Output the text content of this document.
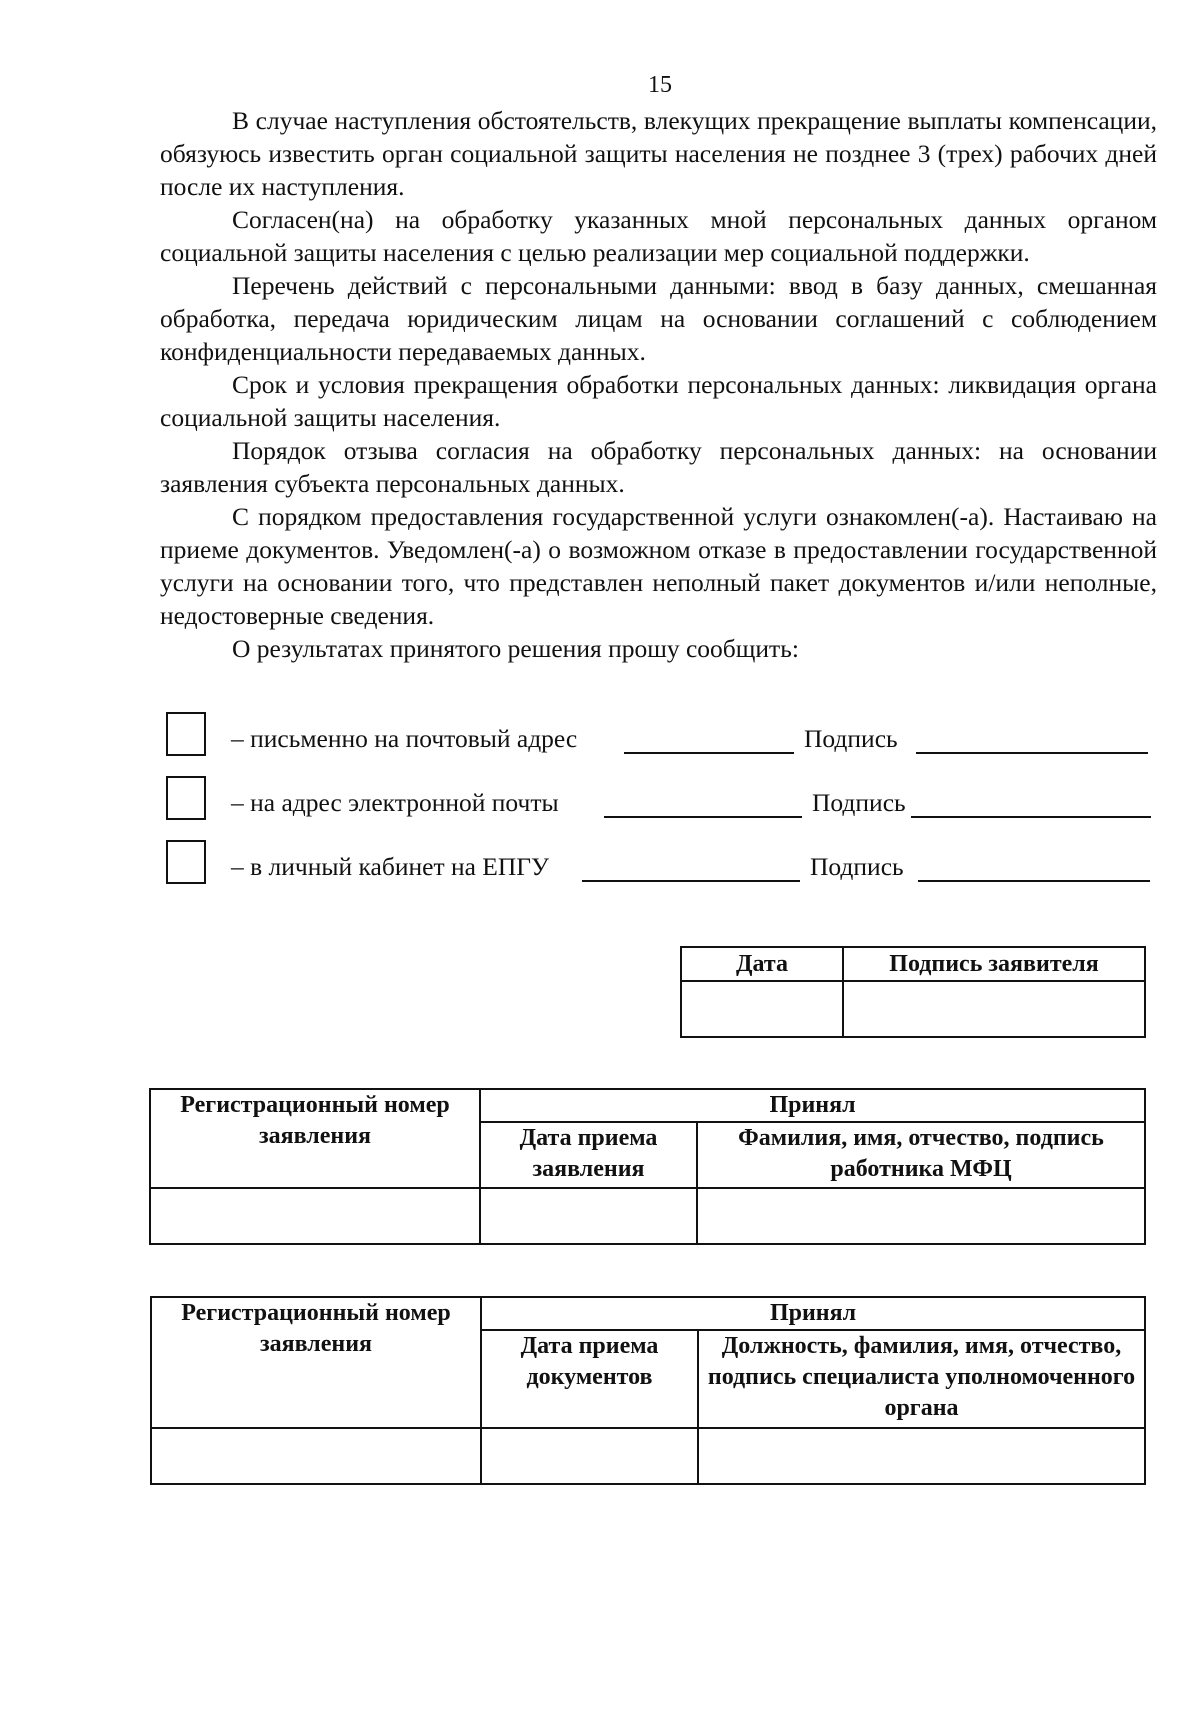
15

В случае наступления обстоятельств, влекущих прекращение выплаты компенсации, обязуюсь известить орган социальной защиты населения не позднее 3 (трех) рабочих дней после их наступления.

Согласен(на) на обработку указанных мной персональных данных органом социальной защиты населения с целью реализации мер социальной поддержки.

Перечень действий с персональными данными: ввод в базу данных, смешанная обработка, передача юридическим лицам на основании соглашений с соблюдением конфиденциальности передаваемых данных.

Срок и условия прекращения обработки персональных данных: ликвидация органа социальной защиты населения.

Порядок отзыва согласия на обработку персональных данных: на основании заявления субъекта персональных данных.

С порядком предоставления государственной услуги ознакомлен(-а). Настаиваю на приеме документов. Уведомлен(-а) о возможном отказе в предоставлении государственной услуги на основании того, что представлен неполный пакет документов и/или неполные, недостоверные сведения.

О результатах принятого решения прошу сообщить:

– письменно на почтовый адрес	Подпись
– на адрес электронной почты	Подпись
– в личный кабинет на ЕПГУ	Подпись
Дата	Подпись заявителя

Регистрационный номер заявления	Принял	
	Дата приема заявления	Фамилия, имя, отчество, подпись работника МФЦ

Регистрационный номер заявления	Принял	
	Дата приема документов	Должность, фамилия, имя, отчество, подпись специалиста уполномоченного органа
